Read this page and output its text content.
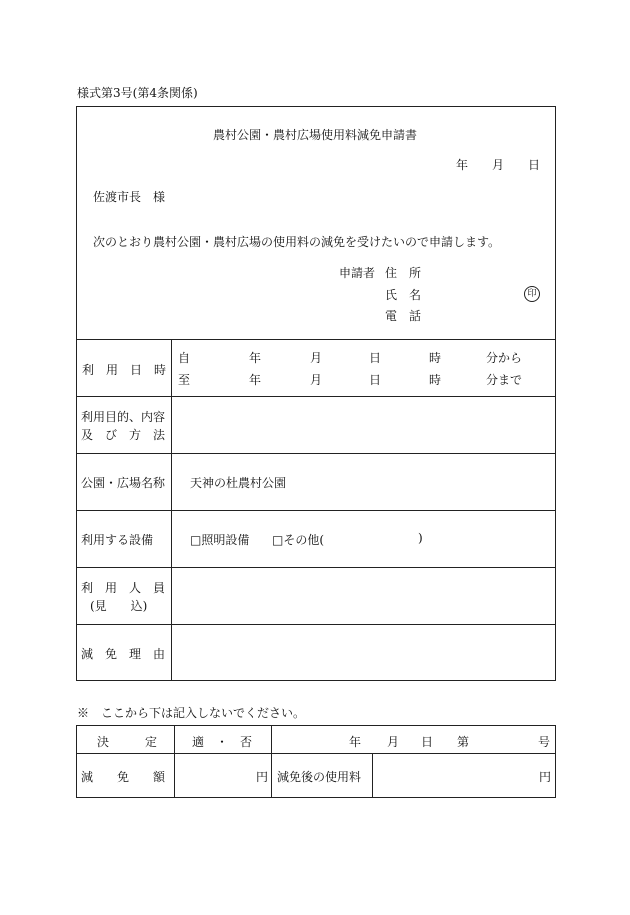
様式第3号(第4条関係)
農村公園・農村広場使用料減免申請書
年 月 日
佐渡市長　様
次のとおり農村公園・農村広場の使用料の減免を受けたいので申請します。
申請者 住　所
氏　名	印
電　話
利　用　日　時
自	年	月	日	時	分から
至	年	月	日	時	分まで
利用目的、内容
及　び　方　法
公園・広場名称 天神の杜農村公園
利用する設備	□照明設備 □その他(	)
利　用　人　員
(見　　込)
減　免　理　由
※　ここから下は記入しないでください。
決　　　定	適　・　否	年 月 日 第	号
減　　免　　額	円 減免後の使用料	円
